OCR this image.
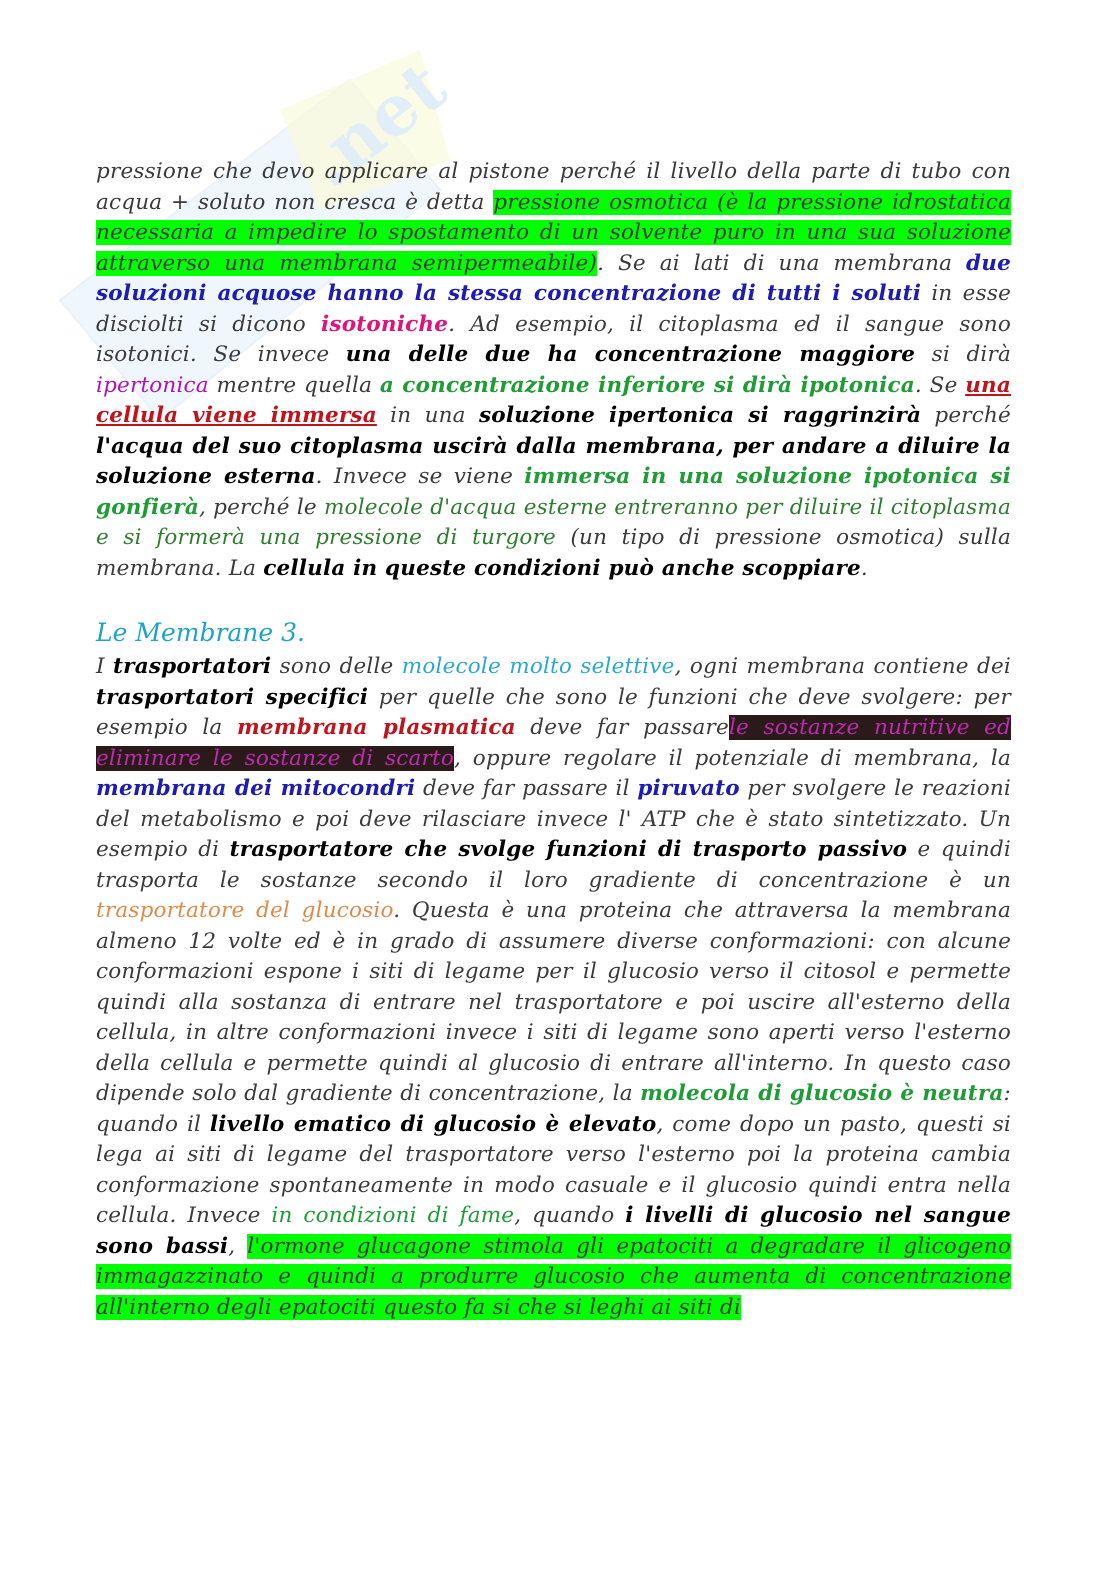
.net

pressione che devo applicare al pistone perché il livello della parte di tubo con acqua + soluto non cresca è detta pressione osmotica (è la pressione idrostatica necessaria a impedire lo spostamento di un solvente puro in una sua soluzione attraverso una membrana semipermeabile). Se ai lati di una membrana due soluzioni acquose hanno la stessa concentrazione di tutti i soluti in esse disciolti si dicono isotoniche. Ad esempio, il citoplasma ed il sangue sono isotonici. Se invece una delle due ha concentrazione maggiore si dirà ipertonica mentre quella a concentrazione inferiore si dirà ipotonica. Se una cellula viene immersa in una soluzione ipertonica si raggrinzirà perché l'acqua del suo citoplasma uscirà dalla membrana, per andare a diluire la soluzione esterna. Invece se viene immersa in una soluzione ipotonica si gonfierà, perché le molecole d'acqua esterne entreranno per diluire il citoplasma e si formerà una pressione di turgore (un tipo di pressione osmotica) sulla membrana. La cellula in queste condizioni può anche scoppiare.

Le Membrane 3.

I trasportatori sono delle molecole molto selettive, ogni membrana contiene dei trasportatori specifici per quelle che sono le funzioni che deve svolgere: per esempio la membrana plasmatica deve far passarele sostanze nutritive ed eliminare le sostanze di scarto, oppure regolare il potenziale di membrana, la membrana dei mitocondri deve far passare il piruvato per svolgere le reazioni del metabolismo e poi deve rilasciare invece l' ATP che è stato sintetizzato. Un esempio di trasportatore che svolge funzioni di trasporto passivo e quindi trasporta le sostanze secondo il loro gradiente di concentrazione è un trasportatore del glucosio. Questa è una proteina che attraversa la membrana almeno 12 volte ed è in grado di assumere diverse conformazioni: con alcune conformazioni espone i siti di legame per il glucosio verso il citosol e permette quindi alla sostanza di entrare nel trasportatore e poi uscire all'esterno della cellula, in altre conformazioni invece i siti di legame sono aperti verso l'esterno della cellula e permette quindi al glucosio di entrare all'interno. In questo caso dipende solo dal gradiente di concentrazione, la molecola di glucosio è neutra: quando il livello ematico di glucosio è elevato, come dopo un pasto, questi si lega ai siti di legame del trasportatore verso l'esterno poi la proteina cambia conformazione spontaneamente in modo casuale e il glucosio quindi entra nella cellula. Invece in condizioni di fame, quando i livelli di glucosio nel sangue sono bassi, l'ormone glucagone stimola gli epatociti a degradare il glicogeno immagazzinato e quindi a produrre glucosio che aumenta di concentrazione all'interno degli epatociti questo fa si che si leghi ai siti di
